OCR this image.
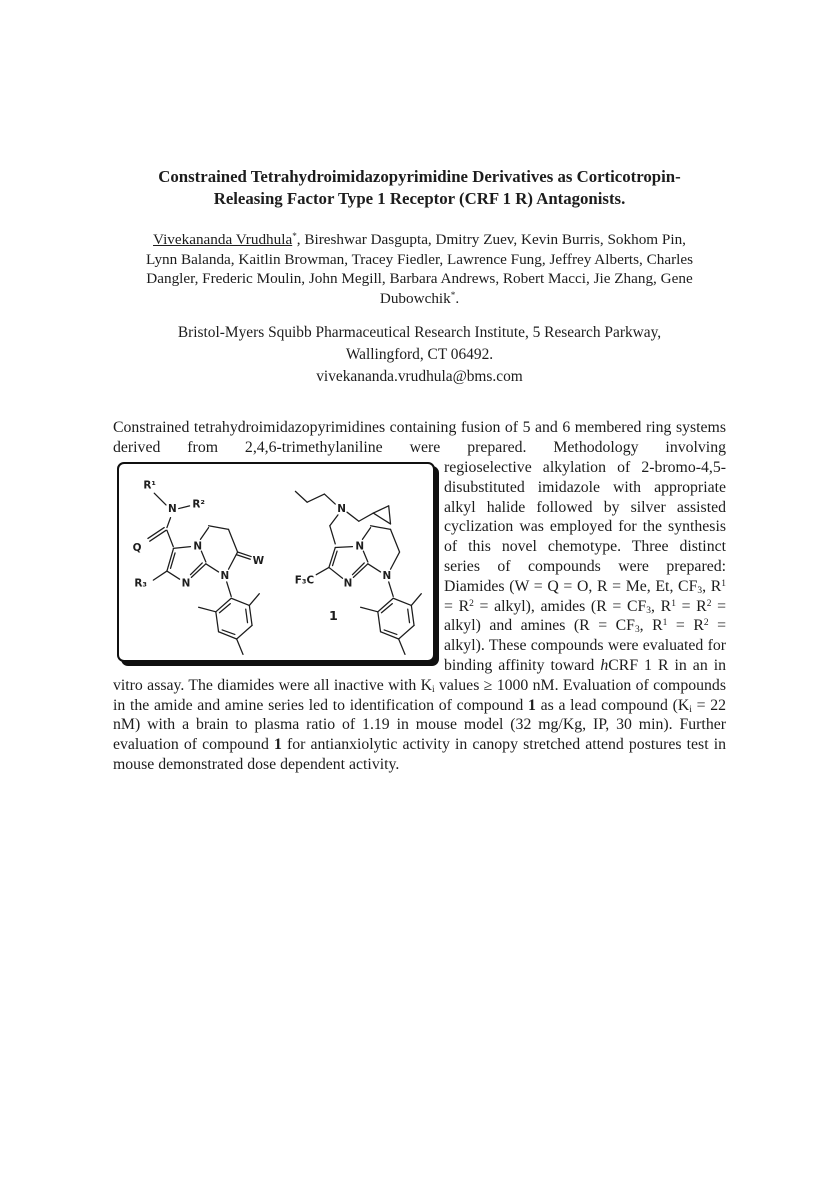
Constrained Tetrahydroimidazopyrimidine Derivatives as Corticotropin-
Releasing Factor Type 1 Receptor (CRF 1 R) Antagonists.

Vivekananda Vrudhula*, Bireshwar Dasgupta, Dmitry Zuev, Kevin Burris, Sokhom Pin,
Lynn Balanda, Kaitlin Browman, Tracey Fiedler, Lawrence Fung, Jeffrey Alberts, Charles
Dangler, Frederic Moulin, John Megill, Barbara Andrews, Robert Macci, Jie Zhang, Gene
Dubowchik*.

Bristol-Myers Squibb Pharmaceutical Research Institute, 5 Research Parkway,
Wallingford, CT 06492.

vivekananda.vrudhula@bms.com

Constrained tetrahydroimidazopyrimidines containing fusion of 5 and 6 membered ring systems derived from 2,4,6-trimethylaniline were prepared. Methodology involving

R¹
N R²
Q	N
W
R₃	N
N
N
F₃C
N
N
N
1
regioselective alkylation of 2-bromo-4,5-disubstituted imidazole with appropriate alkyl halide followed by silver assisted cyclization was employed for the synthesis of this novel chemotype. Three distinct series of compounds were prepared: Diamides (W = Q = O, R = Me, Et, CF3, $R^1 = R^2$ = alkyl), amides (R = CF3, $R^1 = R^2$ = alkyl) and amines (R = CF3, $R^1 = R^2$ = alkyl). These compounds were evaluated for binding affinity toward hCRF 1 R in an in vitro assay. The diamides were all inactive with Ki values ≥ 1000 nM. Evaluation of compounds in the amide and amine series led to identification of compound 1 as a lead compound (Ki = 22 nM) with a brain to plasma ratio of 1.19 in mouse model (32 mg/Kg, IP, 30 min). Further evaluation of compound 1 for antianxiolytic activity in canopy stretched attend postures test in mouse demonstrated dose dependent activity.
